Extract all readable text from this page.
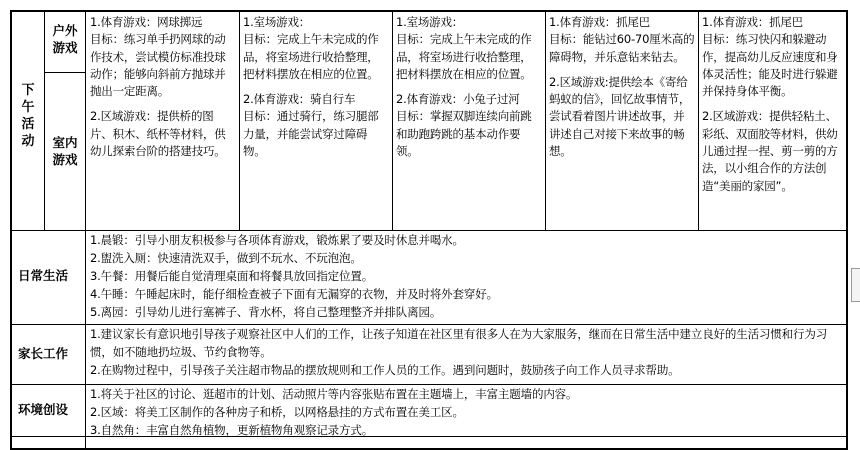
下午活动
户外游戏
室内游戏

1.体育游戏：网球掷远

目标：练习单手扔网球的动作技术，尝试模仿标准投球动作；能够向斜前方抛球并抛出一定距离。

2.区域游戏：提供桥的图片、积木、纸杯等材料，供幼儿探索台阶的搭建技巧。

1.室场游戏：

目标：完成上午未完成的作品，将室场进行收拾整理，把材料摆放在相应的位置。

2.体育游戏：骑自行车

目标：通过骑行，练习腿部力量，并能尝试穿过障碍物。

1.室场游戏：

目标：完成上午未完成的作品，将室场进行收拾整理，把材料摆放在相应的位置。

2.体育游戏：小兔子过河

目标：掌握双脚连续向前跳和助跑跨跳的基本动作要领。

1.体育游戏：抓尾巴

目标：能钻过60-70厘米高的障碍物，并乐意钻来钻去。

2.区域游戏:提供绘本《寄给蚂蚁的信》，回忆故事情节，尝试看着图片讲述故事，并讲述自己对接下来故事的畅想。

1.体育游戏：抓尾巴

目标：练习快闪和躲避动作，提高幼儿反应速度和身体灵活性；能及时进行躲避并保持身体平衡。

2.区域游戏：提供轻粘土、彩纸、双面胶等材料，供幼儿通过捏一捏、剪一剪的方法，以小组合作的方法创造“美丽的家园”。

日常生活
1.晨锻：引导小朋友积极参与各项体育游戏，锻炼累了要及时休息并喝水。
2.盥洗入厕：快速清洗双手，做到不玩水、不玩泡泡。
3.午餐：用餐后能自觉清理桌面和将餐具放回指定位置。
4.午睡：午睡起床时，能仔细检查被子下面有无漏穿的衣物，并及时将外套穿好。
5.离园：引导幼儿进行塞裤子、背水杯，将自己整理整齐并排队离园。
家长工作
1.建议家长有意识地引导孩子观察社区中人们的工作，让孩子知道在社区里有很多人在为大家服务，继而在日常生活中建立良好的生活习惯和行为习惯，如不随地扔垃圾、节约食物等。
2.在购物过程中，引导孩子关注超市物品的摆放规则和工作人员的工作。遇到问题时，鼓励孩子向工作人员寻求帮助。
环境创设
1.将关于社区的讨论、逛超市的计划、活动照片等内容张贴布置在主题墙上，丰富主题墙的内容。
2.区域：将美工区制作的各种房子和桥，以网格悬挂的方式布置在美工区。
3.自然角：丰富自然角植物，更新植物角观察记录方式。
